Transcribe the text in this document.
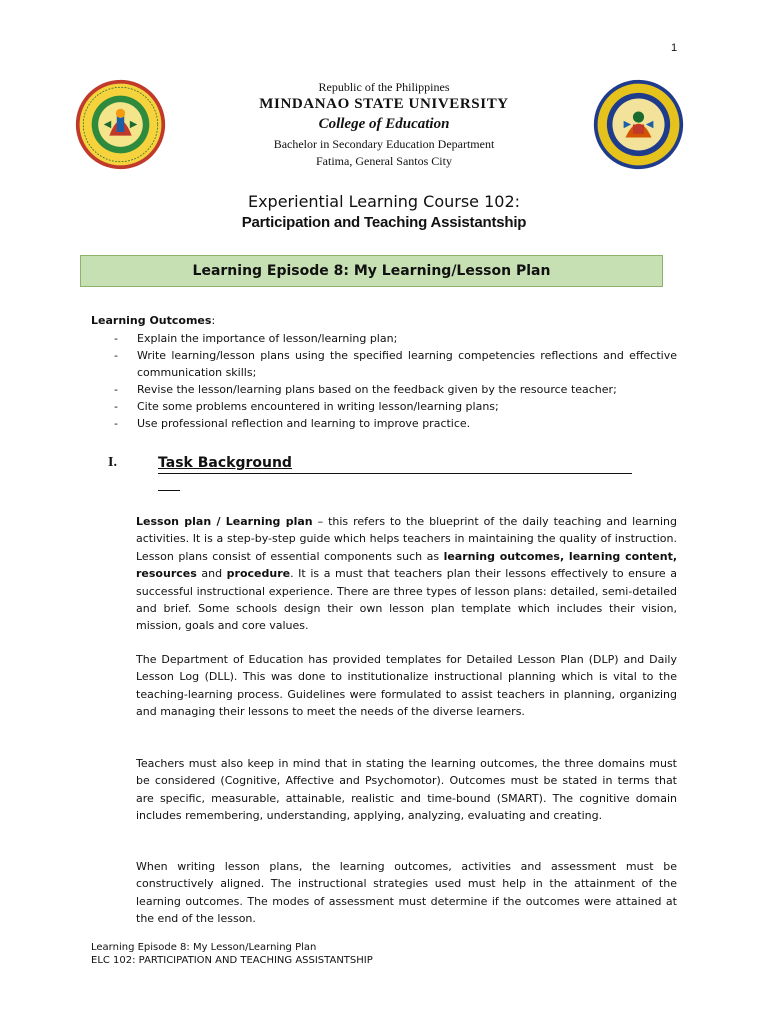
1
Republic of the Philippines
MINDANAO STATE UNIVERSITY
College of Education
Bachelor in Secondary Education Department
Fatima, General Santos City
Experiential Learning Course 102:
Participation and Teaching Assistantship
Learning Episode 8: My Learning/Lesson Plan
Learning Outcomes:
- Explain the importance of lesson/learning plan;
- Write learning/lesson plans using the specified learning competencies reflections and effective communication skills;
- Revise the lesson/learning plans based on the feedback given by the resource teacher;
- Cite some problems encountered in writing lesson/learning plans;
- Use professional reflection and learning to improve practice.
I.	Task Background

Lesson plan / Learning plan – this refers to the blueprint of the daily teaching and learning activities. It is a step-by-step guide which helps teachers in maintaining the quality of instruction. Lesson plans consist of essential components such as learning outcomes, learning content, resources and procedure. It is a must that teachers plan their lessons effectively to ensure a successful instructional experience. There are three types of lesson plans: detailed, semi-detailed and brief. Some schools design their own lesson plan template which includes their vision, mission, goals and core values.

The Department of Education has provided templates for Detailed Lesson Plan (DLP) and Daily Lesson Log (DLL). This was done to institutionalize instructional planning which is vital to the teaching-learning process. Guidelines were formulated to assist teachers in planning, organizing and managing their lessons to meet the needs of the diverse learners.

Teachers must also keep in mind that in stating the learning outcomes, the three domains must be considered (Cognitive, Affective and Psychomotor). Outcomes must be stated in terms that are specific, measurable, attainable, realistic and time-bound (SMART). The cognitive domain includes remembering, understanding, applying, analyzing, evaluating and creating.

When writing lesson plans, the learning outcomes, activities and assessment must be constructively aligned. The instructional strategies used must help in the attainment of the learning outcomes. The modes of assessment must determine if the outcomes were attained at the end of the lesson.

Learning Episode 8: My Lesson/Learning Plan
ELC 102: PARTICIPATION AND TEACHING ASSISTANTSHIP
